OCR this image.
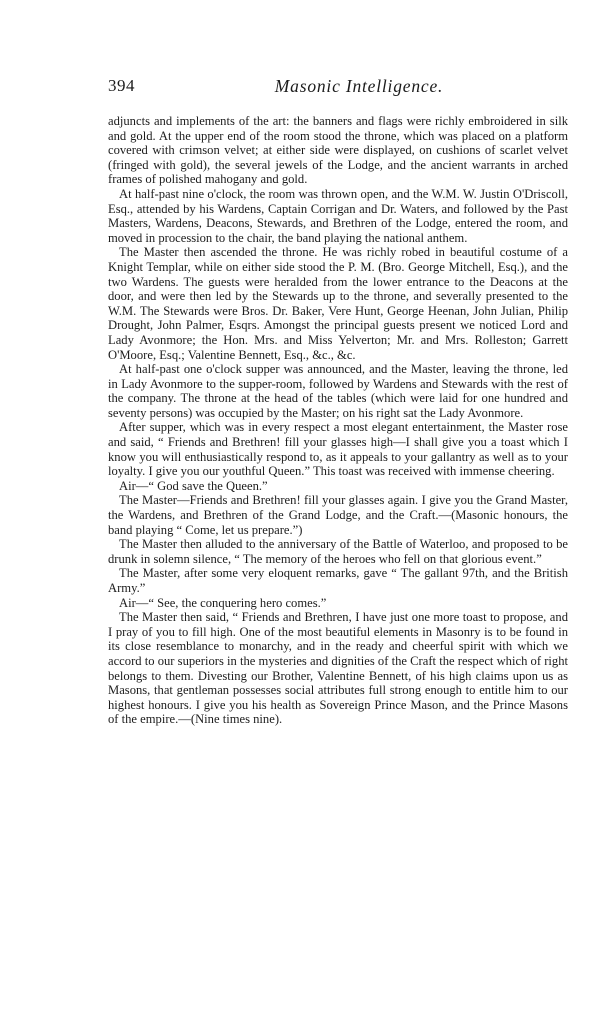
394	Masonic Intelligence.

adjuncts and implements of the art: the banners and flags were richly embroidered in silk and gold. At the upper end of the room stood the throne, which was placed on a platform covered with crimson velvet; at either side were displayed, on cushions of scarlet velvet (fringed with gold), the several jewels of the Lodge, and the ancient warrants in arched frames of polished mahogany and gold.

At half-past nine o'clock, the room was thrown open, and the W.M. W. Justin O'Driscoll, Esq., attended by his Wardens, Captain Corrigan and Dr. Waters, and followed by the Past Masters, Wardens, Deacons, Stewards, and Brethren of the Lodge, entered the room, and moved in procession to the chair, the band playing the national anthem.

The Master then ascended the throne. He was richly robed in beautiful costume of a Knight Templar, while on either side stood the P. M. (Bro. George Mitchell, Esq.), and the two Wardens. The guests were heralded from the lower entrance to the Deacons at the door, and were then led by the Stewards up to the throne, and severally presented to the W.M. The Stewards were Bros. Dr. Baker, Vere Hunt, George Heenan, John Julian, Philip Drought, John Palmer, Esqrs. Amongst the principal guests present we noticed Lord and Lady Avonmore; the Hon. Mrs. and Miss Yelverton; Mr. and Mrs. Rolleston; Garrett O'Moore, Esq.; Valentine Bennett, Esq., &c., &c.

At half-past one o'clock supper was announced, and the Master, leaving the throne, led in Lady Avonmore to the supper-room, followed by Wardens and Stewards with the rest of the company. The throne at the head of the tables (which were laid for one hundred and seventy persons) was occupied by the Master; on his right sat the Lady Avonmore.

After supper, which was in every respect a most elegant entertainment, the Master rose and said, “ Friends and Brethren! fill your glasses high—I shall give you a toast which I know you will enthusiastically respond to, as it appeals to your gallantry as well as to your loyalty. I give you our youthful Queen.” This toast was received with immense cheering.

Air—“ God save the Queen.”

The Master—Friends and Brethren! fill your glasses again. I give you the Grand Master, the Wardens, and Brethren of the Grand Lodge, and the Craft.—(Masonic honours, the band playing “ Come, let us prepare.”)

The Master then alluded to the anniversary of the Battle of Waterloo, and proposed to be drunk in solemn silence, “ The memory of the heroes who fell on that glorious event.”

The Master, after some very eloquent remarks, gave “ The gallant 97th, and the British Army.”

Air—“ See, the conquering hero comes.”

The Master then said, “ Friends and Brethren, I have just one more toast to propose, and I pray of you to fill high. One of the most beautiful elements in Masonry is to be found in its close resemblance to monarchy, and in the ready and cheerful spirit with which we accord to our superiors in the mysteries and dignities of the Craft the respect which of right belongs to them. Divesting our Brother, Valentine Bennett, of his high claims upon us as Masons, that gentleman possesses social attributes full strong enough to entitle him to our highest honours. I give you his health as Sovereign Prince Mason, and the Prince Masons of the empire.—(Nine times nine).
